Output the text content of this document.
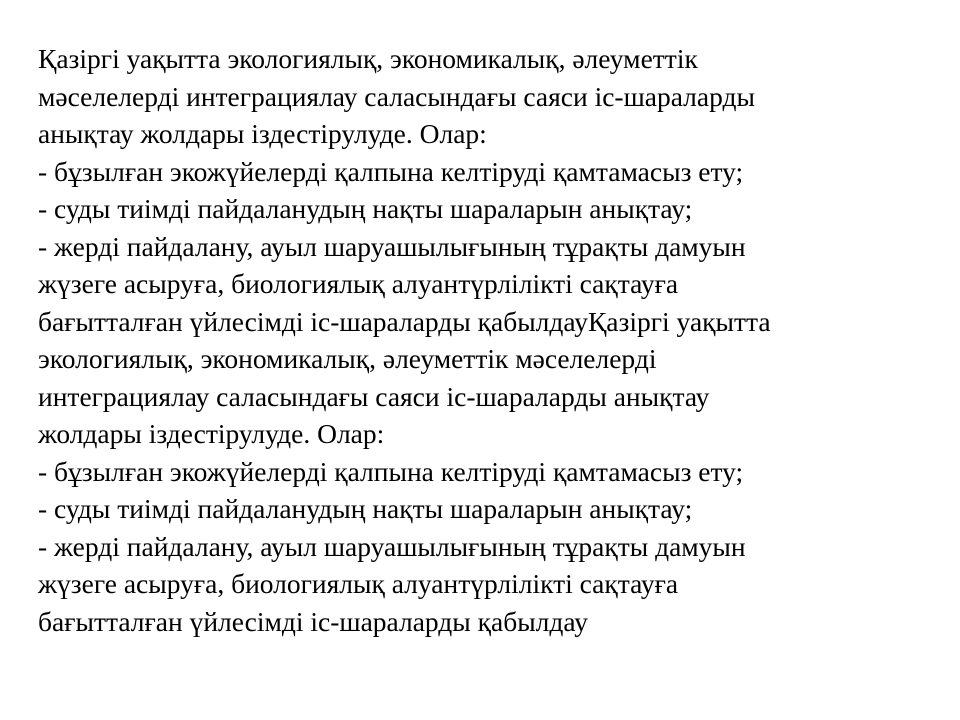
Қазіргі уақытта экологиялық, экономикалық, әлеуметтік
мәселелерді интеграциялау саласындағы саяси іс-шараларды
анықтау жолдары іздестірулуде. Олар:
- бұзылған экожүйелерді қалпына келтіруді қамтамасыз ету;
- суды тиімді пайдаланудың нақты шараларын анықтау;
- жерді пайдалану, ауыл шаруашылығының тұрақты дамуын
жүзеге асыруға, биологиялық алуантүрлілікті сақтауға
бағытталған үйлесімді іс-шараларды қабылдауҚазіргі уақытта
экологиялық, экономикалық, әлеуметтік мәселелерді
интеграциялау саласындағы саяси іс-шараларды анықтау
жолдары іздестірулуде. Олар:
- бұзылған экожүйелерді қалпына келтіруді қамтамасыз ету;
- суды тиімді пайдаланудың нақты шараларын анықтау;
- жерді пайдалану, ауыл шаруашылығының тұрақты дамуын
жүзеге асыруға, биологиялық алуантүрлілікті сақтауға
бағытталған үйлесімді іс-шараларды қабылдау
